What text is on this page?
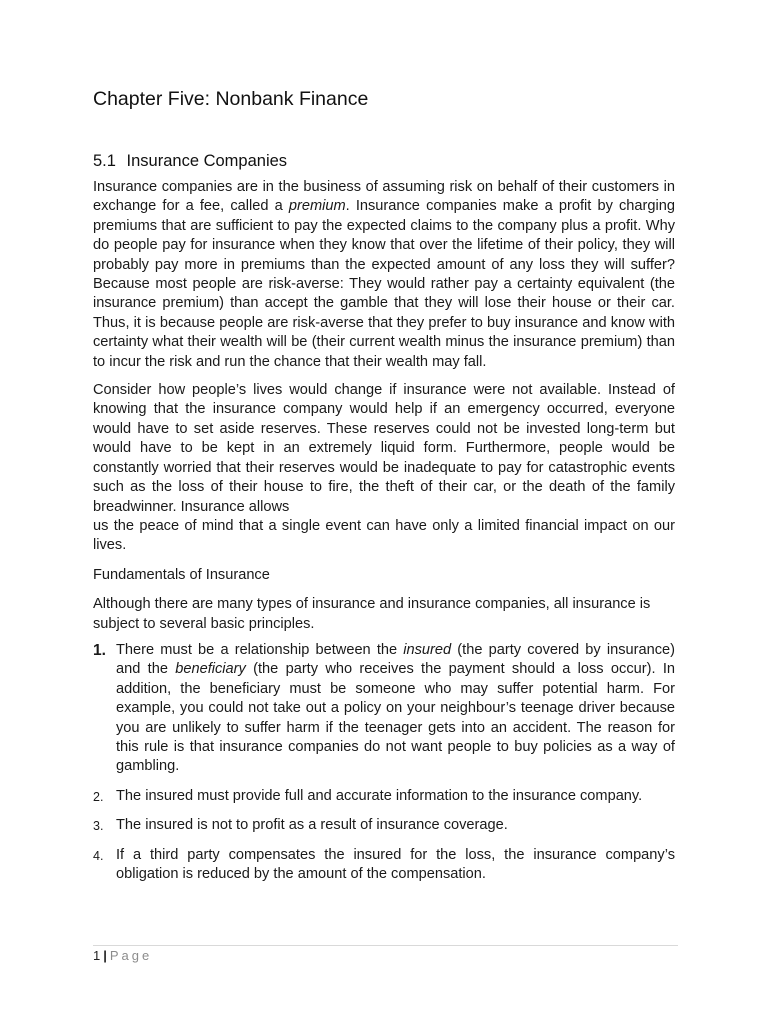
Chapter Five: Nonbank Finance
5.1 Insurance Companies

Insurance companies are in the business of assuming risk on behalf of their customers in exchange for a fee, called a premium. Insurance companies make a profit by charging premiums that are sufficient to pay the expected claims to the company plus a profit. Why do people pay for insurance when they know that over the lifetime of their policy, they will probably pay more in premiums than the expected amount of any loss they will suffer? Because most people are risk-averse: They would rather pay a certainty equivalent (the insurance premium) than accept the gamble that they will lose their house or their car. Thus, it is because people are risk-averse that they prefer to buy insurance and know with certainty what their wealth will be (their current wealth minus the insurance premium) than to incur the risk and run the chance that their wealth may fall.

Consider how people’s lives would change if insurance were not available. Instead of knowing that the insurance company would help if an emergency occurred, everyone would have to set aside reserves. These reserves could not be invested long-term but would have to be kept in an extremely liquid form. Furthermore, people would be constantly worried that their reserves would be inadequate to pay for catastrophic events such as the loss of their house to fire, the theft of their car, or the death of the family breadwinner. Insurance allows

us the peace of mind that a single event can have only a limited financial impact on our lives.

Fundamentals of Insurance

Although there are many types of insurance and insurance companies, all insurance is subject to several basic principles.

1. There must be a relationship between the insured (the party covered by insurance) and the beneficiary (the party who receives the payment should a loss occur). In addition, the beneficiary must be someone who may suffer potential harm. For example, you could not take out a policy on your neighbour’s teenage driver because you are unlikely to suffer harm if the teenager gets into an accident. The reason for this rule is that insurance companies do not want people to buy policies as a way of gambling.

2. The insured must provide full and accurate information to the insurance company.

3. The insured is not to profit as a result of insurance coverage.

4. If a third party compensates the insured for the loss, the insurance company’s obligation is reduced by the amount of the compensation.

1 | Page
